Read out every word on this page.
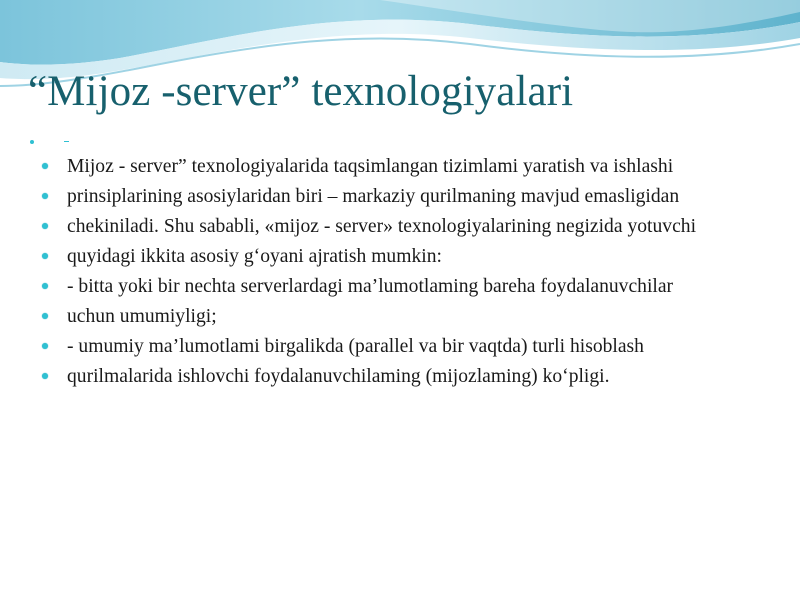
“Mijoz -server” texnologiyalari
Mijoz - server” texnologiyalarida taqsimlangan tizimlami yaratish va ishlashi
prinsiplarining asosiylaridan biri – markaziy qurilmaning mavjud emasligidan
chekiniladi. Shu sababli, «mijoz - server» texnologiyalarining negizida yotuvchi
quyidagi ikkita asosiy g‘oyani ajratish mumkin:
- bitta yoki bir nechta serverlardagi ma’lumotlaming bareha foydalanuvchilar
uchun umumiyligi;
- umumiy ma’lumotlami birgalikda (parallel va bir vaqtda) turli hisoblash
qurilmalarida ishlovchi foydalanuvchilaming (mijozlaming) ko‘pligi.
